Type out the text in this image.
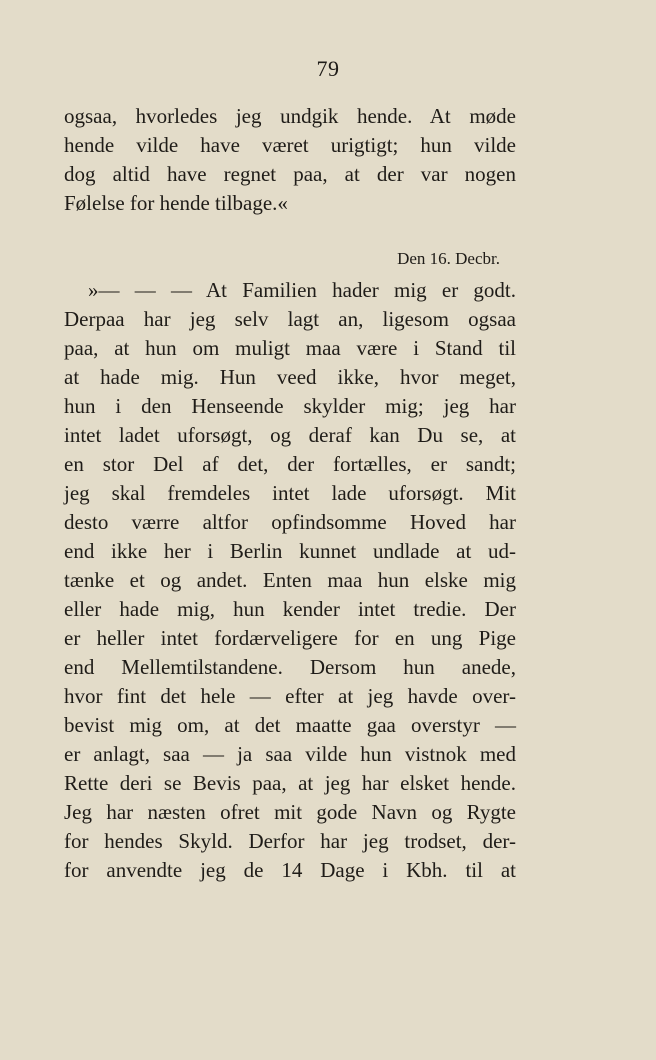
79
ogsaa, hvorledes jeg undgik hende. At møde
hende vilde have været urigtigt; hun vilde
dog altid have regnet paa, at der var nogen
Følelse for hende tilbage.«
Den 16. Decbr.
»— — — At Familien hader mig er godt.
Derpaa har jeg selv lagt an, ligesom ogsaa
paa, at hun om muligt maa være i Stand til
at hade mig. Hun veed ikke, hvor meget,
hun i den Henseende skylder mig; jeg har
intet ladet uforsøgt, og deraf kan Du se, at
en stor Del af det, der fortælles, er sandt;
jeg skal fremdeles intet lade uforsøgt. Mit
desto værre altfor opfindsomme Hoved har
end ikke her i Berlin kunnet undlade at ud-
tænke et og andet. Enten maa hun elske mig
eller hade mig, hun kender intet tredie. Der
er heller intet fordærveligere for en ung Pige
end Mellemtilstandene. Dersom hun anede,
hvor fint det hele — efter at jeg havde over-
bevist mig om, at det maatte gaa overstyr —
er anlagt, saa — ja saa vilde hun vistnok med
Rette deri se Bevis paa, at jeg har elsket hende.
Jeg har næsten ofret mit gode Navn og Rygte
for hendes Skyld. Derfor har jeg trodset, der-
for anvendte jeg de 14 Dage i Kbh. til at
